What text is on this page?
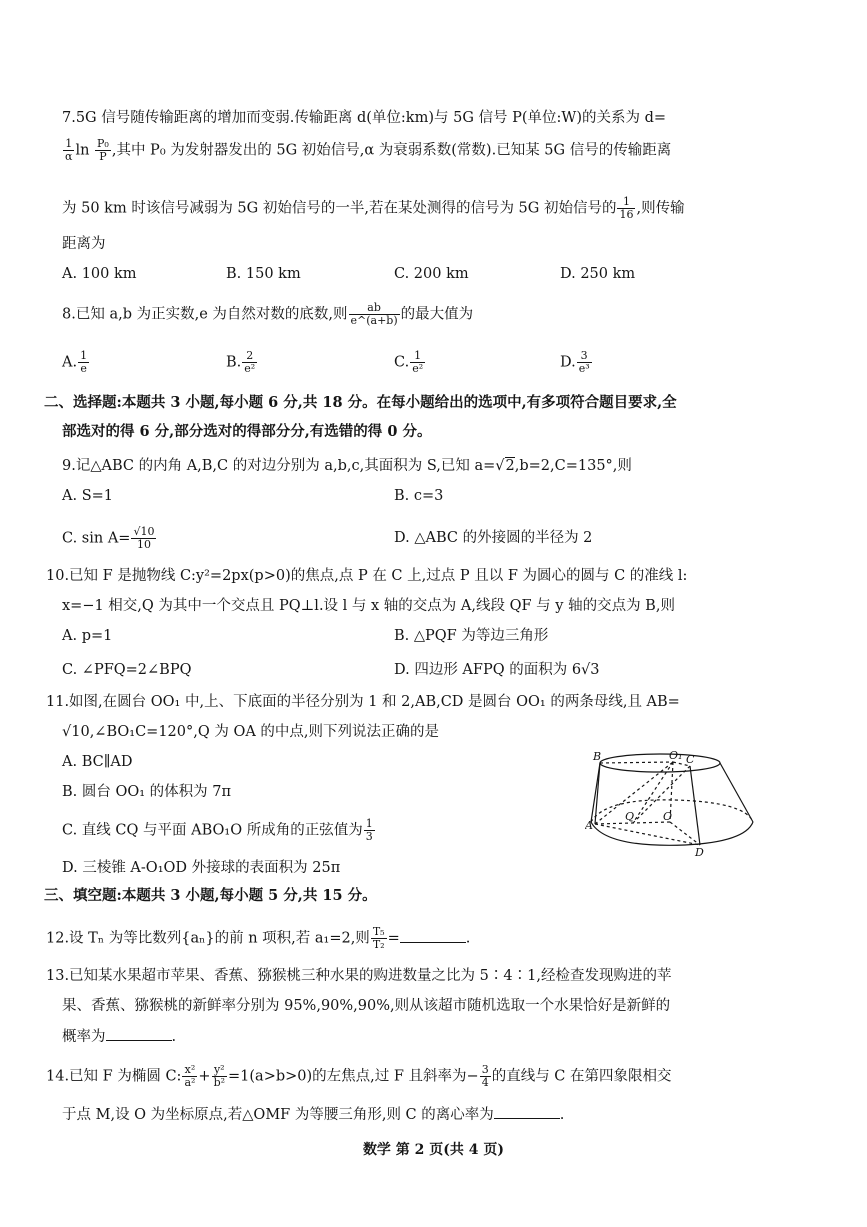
7.5G 信号随传输距离的增加而变弱.传输距离 d(单位:km)与 5G 信号 P(单位:W)的关系为 d=
$\frac{1}{\alpha}$ $\ln \frac{\text{P₀}}{P}$ ,其中 P₀ 为发射器发出的 5G 初始信号,α 为衰弱系数(常数).已知某 5G 信号的传输距离
为 50 km 时该信号减弱为 5G 初始信号的一半,若在某处测得的信号为 5G 初始信号的 $\frac{1}{16}$ ,则传输
距离为
A. 100 km	B. 150 km	C. 200 km	D. 250 km
8.已知 a,b 为正实数,e 为自然对数的底数,则 $\frac{ab}{e\^{}(a+b)}$ 的最大值为
A. $\frac{1}{e}$	B. $\frac{2}{\text{e²}}$	C. $\frac{1}{\text{e²}}$	D. $\frac{3}{\text{e³}}$
二、选择题:本题共 3 小题,每小题 6 分,共 18 分。在每小题给出的选项中,有多项符合题目要求,全
部选对的得 6 分,部分选对的得部分分,有选错的得 0 分。
9.记△ABC 的内角 A,B,C 的对边分别为 a,b,c,其面积为 S,已知 a=√2,b=2,C=135°,则
A. S=1	B. c=3
C. $\sin A= \frac{√10}{10}$	D. △ABC 的外接圆的半径为 2
10.已知 F 是抛物线 C:y²=2px(p>0)的焦点,点 P 在 C 上,过点 P 且以 F 为圆心的圆与 C 的准线 l:
x=−1 相交,Q 为其中一个交点且 PQ⊥l.设 l 与 x 轴的交点为 A,线段 QF 与 y 轴的交点为 B,则
A. p=1	B. △PQF 为等边三角形
C. ∠PFQ=2∠BPQ	D. 四边形 AFPQ 的面积为 6√3
11.如图,在圆台 OO₁ 中,上、下底面的半径分别为 1 和 2,AB,CD 是圆台 OO₁ 的两条母线,且 AB=
√10,∠BO₁C=120°,Q 为 OA 的中点,则下列说法正确的是
A. BC∥AD
B. 圆台 OO₁ 的体积为 7π
C. 直线 CQ 与平面 ABO₁O 所成角的正弦值为 $\frac{1}{3}$
D. 三棱锥 A-O₁OD 外接球的表面积为 25π
B	O₁ C
A
Q	O
D
三、填空题:本题共 3 小题,每小题 5 分,共 15 分。
12.设 Tₙ 为等比数列{aₙ}的前 n 项积,若 a₁=2,则 $\frac{\text{T₅}}{\text{T₂}}$ =	.
13.已知某水果超市苹果、香蕉、猕猴桃三种水果的购进数量之比为 5∶4∶1,经检查发现购进的苹
果、香蕉、猕猴桃的新鲜率分别为 95%,90%,90%,则从该超市随机选取一个水果恰好是新鲜的
概率为	.
14.已知 F 为椭圆 C: $\frac{\text{x²}}{\text{a²}} + \frac{\text{y²}}{\text{b²}} =1(a>b>0)$的左焦点,过 F 且斜率为− $\frac{3}{4}$ 的直线与 C 在第四象限相交
于点 M,设 O 为坐标原点,若△OMF 为等腰三角形,则 C 的离心率为	.
数学 第 2 页(共 4 页)
